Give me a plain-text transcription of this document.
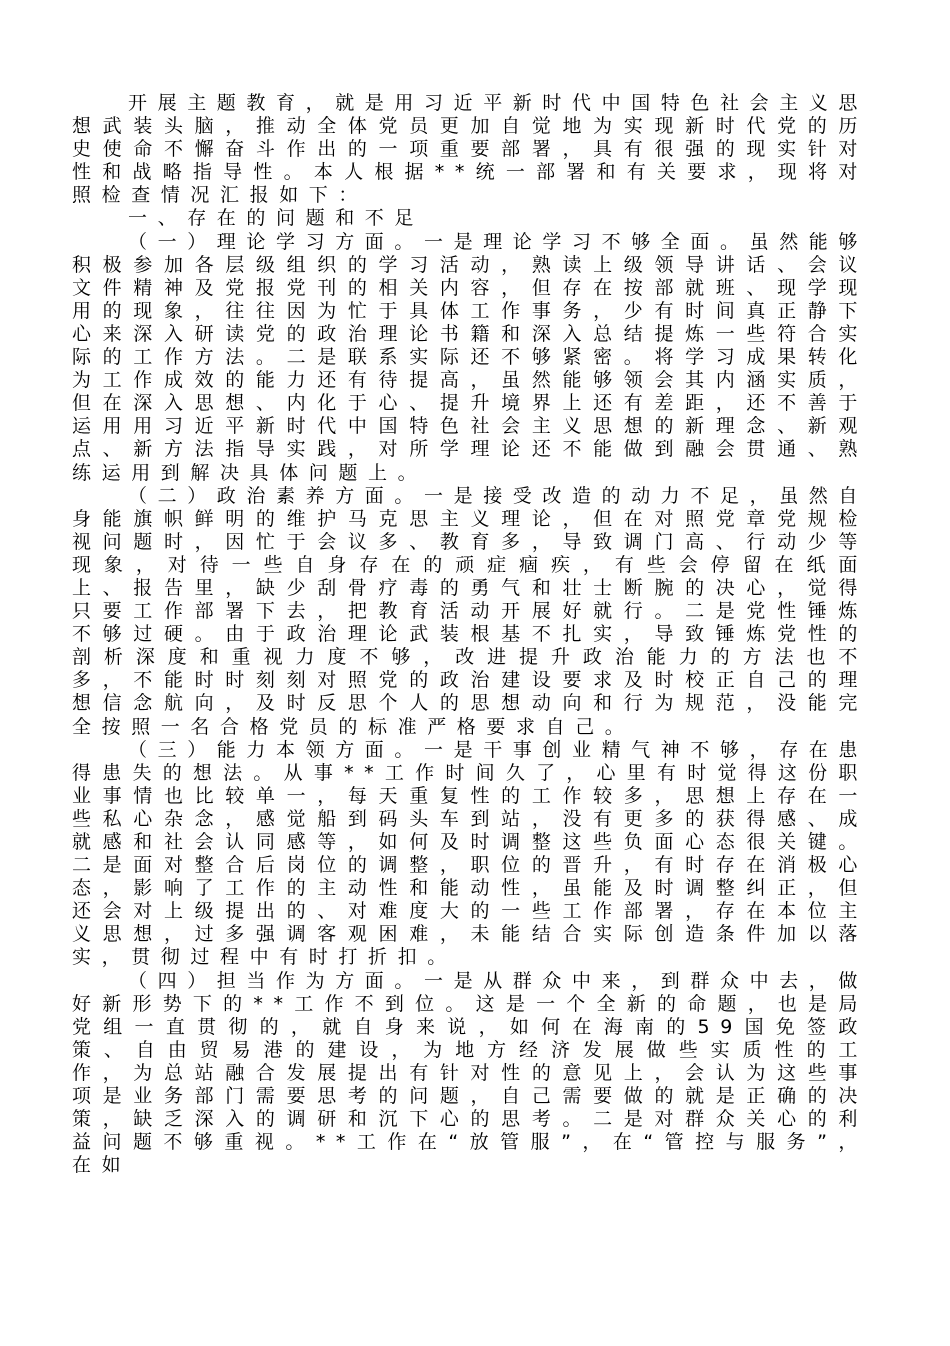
开展主题教育，就是用习近平新时代中国特色社会主义思想武装头脑，推动全体党员更加自觉地为实现新时代党的历史使命不懈奋斗作出的一项重要部署，具有很强的现实针对性和战略指导性。本人根据**统一部署和有关要求，现将对照检查情况汇报如下：

一、存在的问题和不足

（一）理论学习方面。一是理论学习不够全面。虽然能够积极参加各层级组织的学习活动，熟读上级领导讲话、会议文件精神及党报党刊的相关内容，但存在按部就班、现学现用的现象，往往因为忙于具体工作事务，少有时间真正静下心来深入研读党的政治理论书籍和深入总结提炼一些符合实际的工作方法。二是联系实际还不够紧密。将学习成果转化为工作成效的能力还有待提高，虽然能够领会其内涵实质，但在深入思想、内化于心、提升境界上还有差距，还不善于运用用习近平新时代中国特色社会主义思想的新理念、新观点、新方法指导实践，对所学理论还不能做到融会贯通、熟练运用到解决具体问题上。

（二）政治素养方面。一是接受改造的动力不足，虽然自身能旗帜鲜明的维护马克思主义理论，但在对照党章党规检视问题时，因忙于会议多、教育多，导致调门高、行动少等现象，对待一些自身存在的顽症痼疾，有些会停留在纸面上、报告里，缺少刮骨疗毒的勇气和壮士断腕的决心，觉得只要工作部署下去，把教育活动开展好就行。二是党性锤炼不够过硬。由于政治理论武装根基不扎实，导致锤炼党性的剖析深度和重视力度不够，改进提升政治能力的方法也不多，不能时时刻刻对照党的政治建设要求及时校正自己的理想信念航向，及时反思个人的思想动向和行为规范，没能完全按照一名合格党员的标准严格要求自己。

（三）能力本领方面。一是干事创业精气神不够，存在患得患失的想法。从事**工作时间久了，心里有时觉得这份职业事情也比较单一，每天重复性的工作较多，思想上存在一些私心杂念，感觉船到码头车到站，没有更多的获得感、成就感和社会认同感等，如何及时调整这些负面心态很关键。二是面对整合后岗位的调整，职位的晋升，有时存在消极心态，影响了工作的主动性和能动性，虽能及时调整纠正，但还会对上级提出的、对难度大的一些工作部署，存在本位主义思想，过多强调客观困难，未能结合实际创造条件加以落实，贯彻过程中有时打折扣。

（四）担当作为方面。一是从群众中来，到群众中去，做好新形势下的**工作不到位。这是一个全新的命题，也是局党组一直贯彻的，就自身来说，如何在海南的59国免签政策、自由贸易港的建设，为地方经济发展做些实质性的工作，为总站融合发展提出有针对性的意见上，会认为这些事项是业务部门需要思考的问题，自己需要做的就是正确的决策，缺乏深入的调研和沉下心的思考。二是对群众关心的利益问题不够重视。**工作在“放管服”，在“管控与服务”，在如
